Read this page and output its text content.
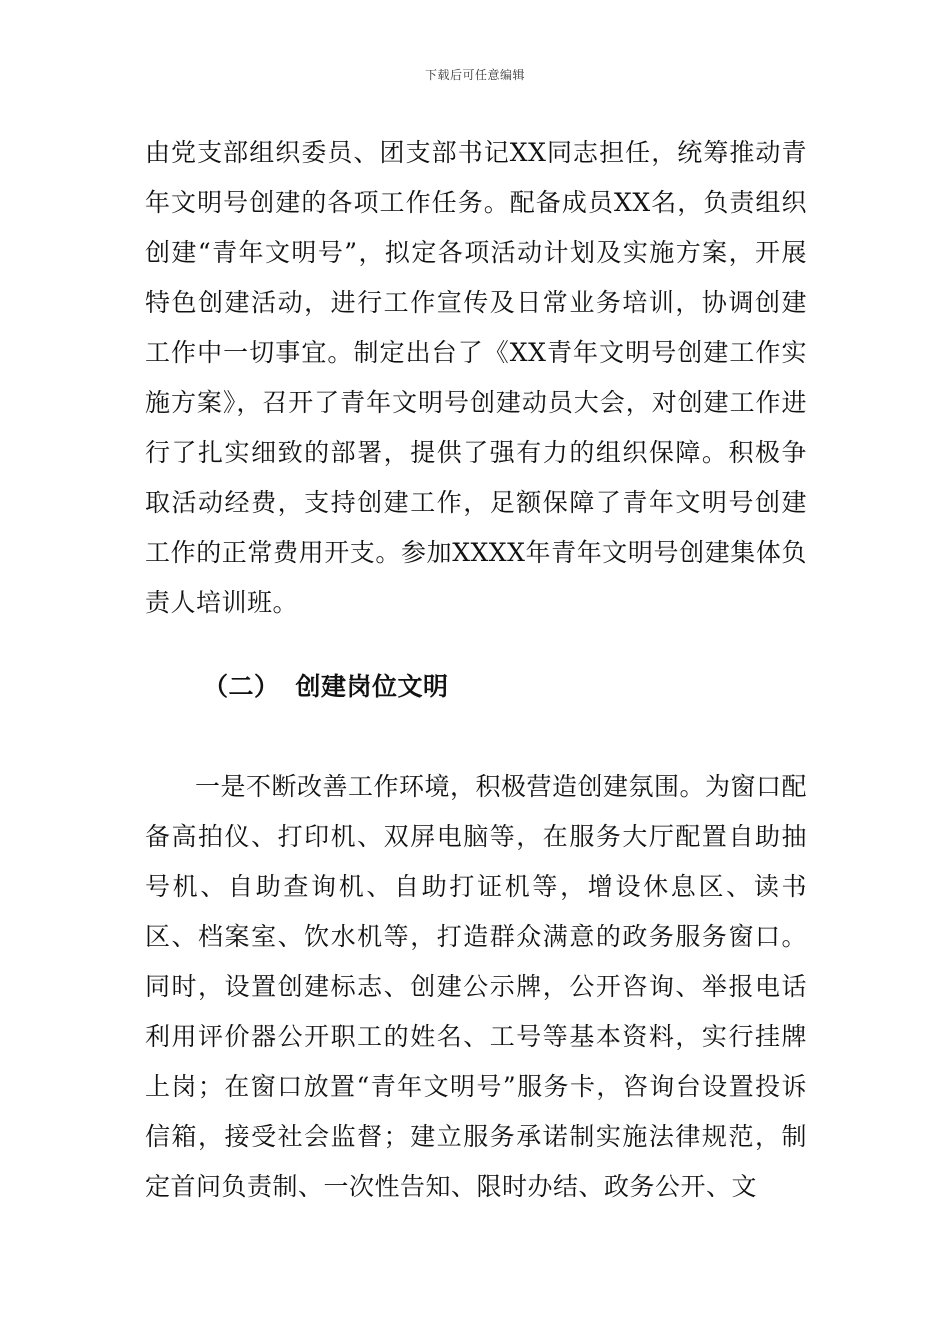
下载后可任意编辑

由党支部组织委员、团支部书记XX同志担任，统筹推动青年文明号创建的各项工作任务。配备成员XX名，负责组织创建“青年文明号”，拟定各项活动计划及实施方案，开展特色创建活动，进行工作宣传及日常业务培训，协调创建工作中一切事宜。制定出台了《XX青年文明号创建工作实施方案》，召开了青年文明号创建动员大会，对创建工作进行了扎实细致的部署，提供了强有力的组织保障。积极争取活动经费，支持创建工作，足额保障了青年文明号创建工作的正常费用开支。参加XXXX年青年文明号创建集体负责人培训班。

（二） 创建岗位文明

一是不断改善工作环境，积极营造创建氛围。为窗口配备高拍仪、打印机、双屏电脑等，在服务大厅配置自助抽号机、自助查询机、自助打证机等，增设休息区、读书区、档案室、饮水机等，打造群众满意的政务服务窗口。同时，设置创建标志、创建公示牌，公开咨询、举报电话利用评价器公开职工的姓名、工号等基本资料，实行挂牌上岗；在窗口放置“青年文明号”服务卡，咨询台设置投诉信箱，接受社会监督；建立服务承诺制实施法律规范，制定首问负责制、一次性告知、限时办结、政务公开、文
